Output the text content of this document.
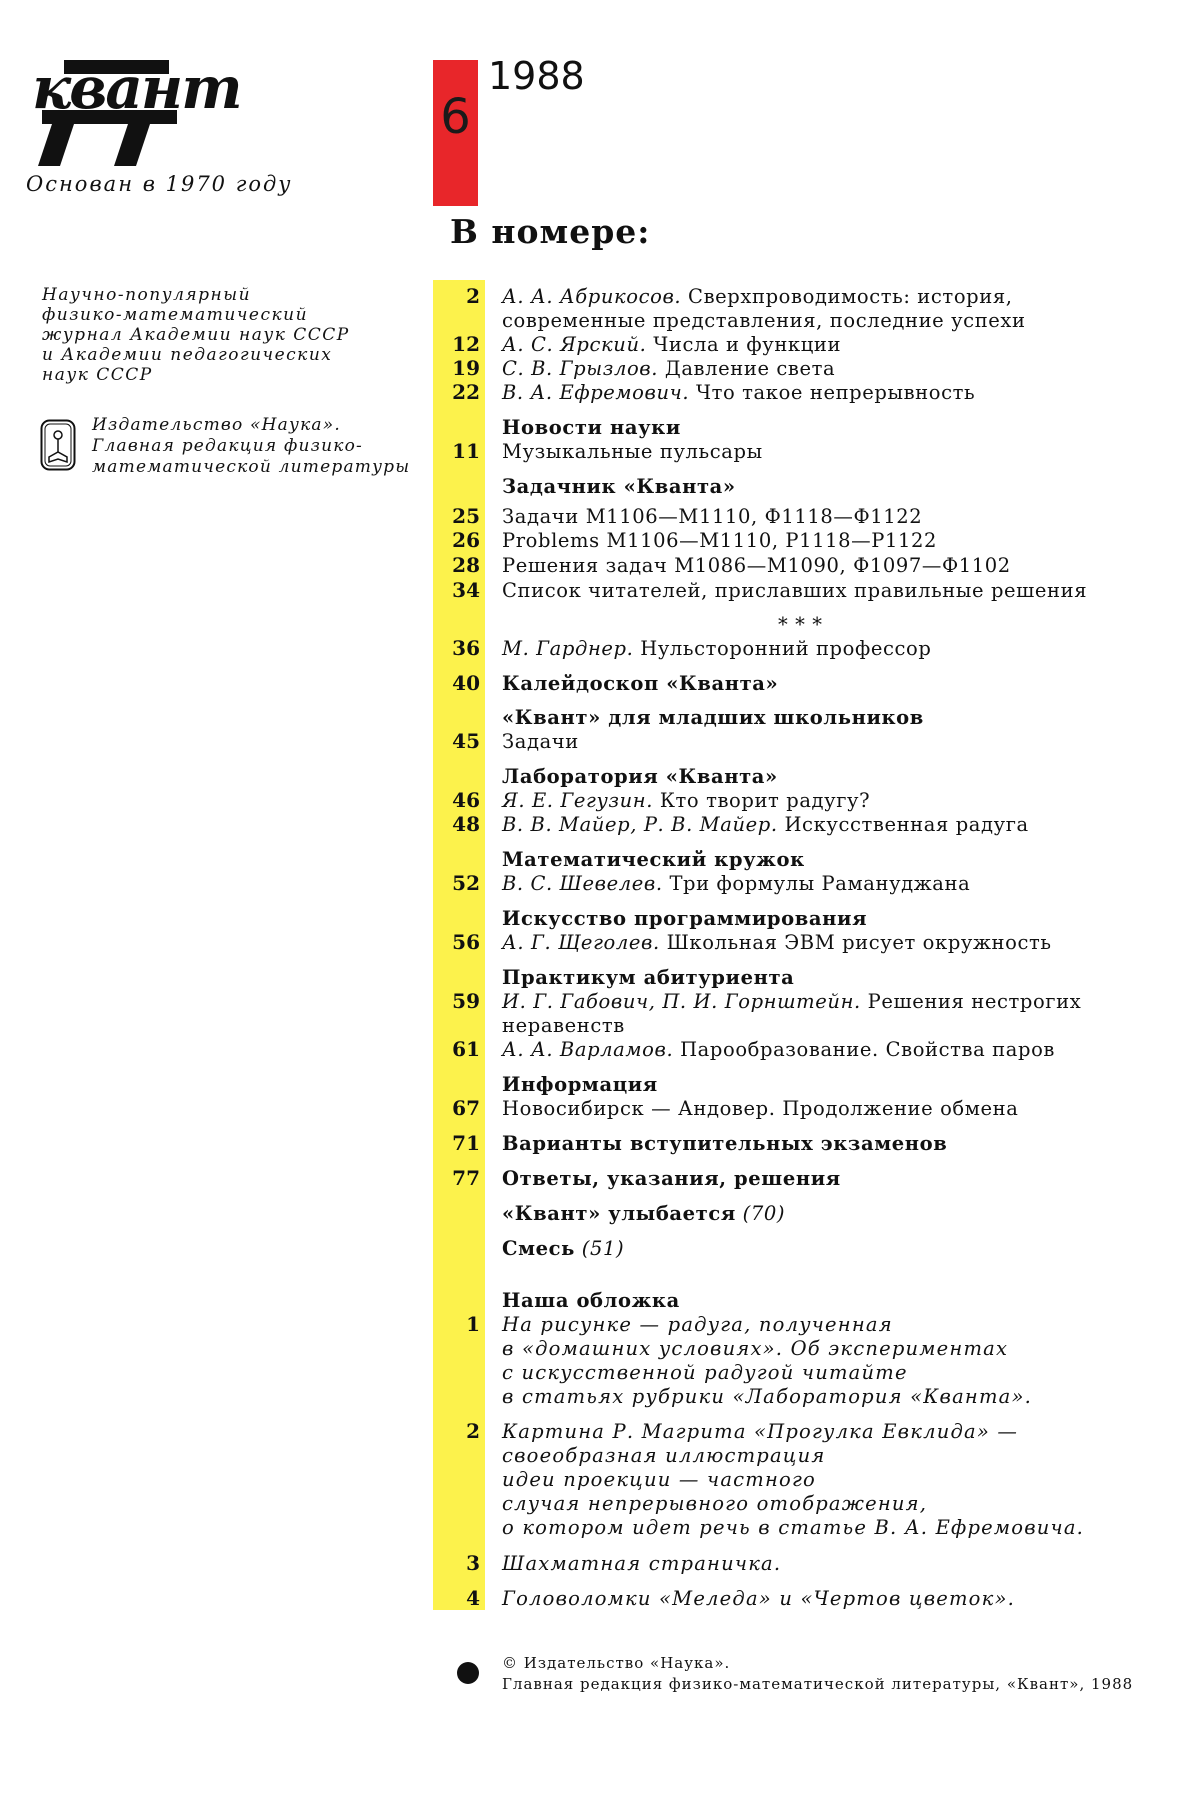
квант
Основан в 1970 году
Научно-популярный
физико-математический
журнал Академии наук СССР
и Академии педагогических
наук СССР
Издательство «Наука».
Главная редакция физико-
математической литературы
6
1988
В номере:
2 А. А. Абрикосов. Сверхпроводимость: история,
современные представления, последние успехи
12 А. С. Ярский. Числа и функции
19 С. В. Грызлов. Давление света
22 В. А. Ефремович. Что такое непрерывность
Новости науки
11 Музыкальные пульсары
Задачник «Кванта»
25 Задачи М1106—М1110, Ф1118—Ф1122
26 Problems M1106—M1110, P1118—P1122
28 Решения задач М1086—М1090, Ф1097—Ф1102
34 Список читателей, приславших правильные решения
* * *
36 М. Гарднер. Нульсторонний профессор
40 Калейдоскоп «Кванта»
«Квант» для младших школьников
45 Задачи
Лаборатория «Кванта»
46 Я. Е. Гегузин. Кто творит радугу?
48 В. В. Майер, Р. В. Майер. Искусственная радуга
Математический кружок
52 В. С. Шевелев. Три формулы Рамануджана
Искусство программирования
56 А. Г. Щеголев. Школьная ЭВМ рисует окружность
Практикум абитуриента
59 И. Г. Габович, П. И. Горнштейн. Решения нестрогих
неравенств
61 А. А. Варламов. Парообразование. Свойства паров
Информация
67 Новосибирск — Андовер. Продолжение обмена
71 Варианты вступительных экзаменов
77 Ответы, указания, решения
«Квант» улыбается (70)
Смесь (51)
Наша обложка
1 На рисунке — радуга, полученная
в «домашних условиях». Об экспериментах
с искусственной радугой читайте
в статьях рубрики «Лаборатория «Кванта».
2 Картина Р. Магрита «Прогулка Евклида» —
своеобразная иллюстрация
идеи проекции — частного
случая непрерывного отображения,
о котором идет речь в статье В. А. Ефремовича.
3 Шахматная страничка.
4 Головоломки «Меледа» и «Чертов цветок».
© Издательство «Наука».
Главная редакция физико-математической литературы, «Квант», 1988
